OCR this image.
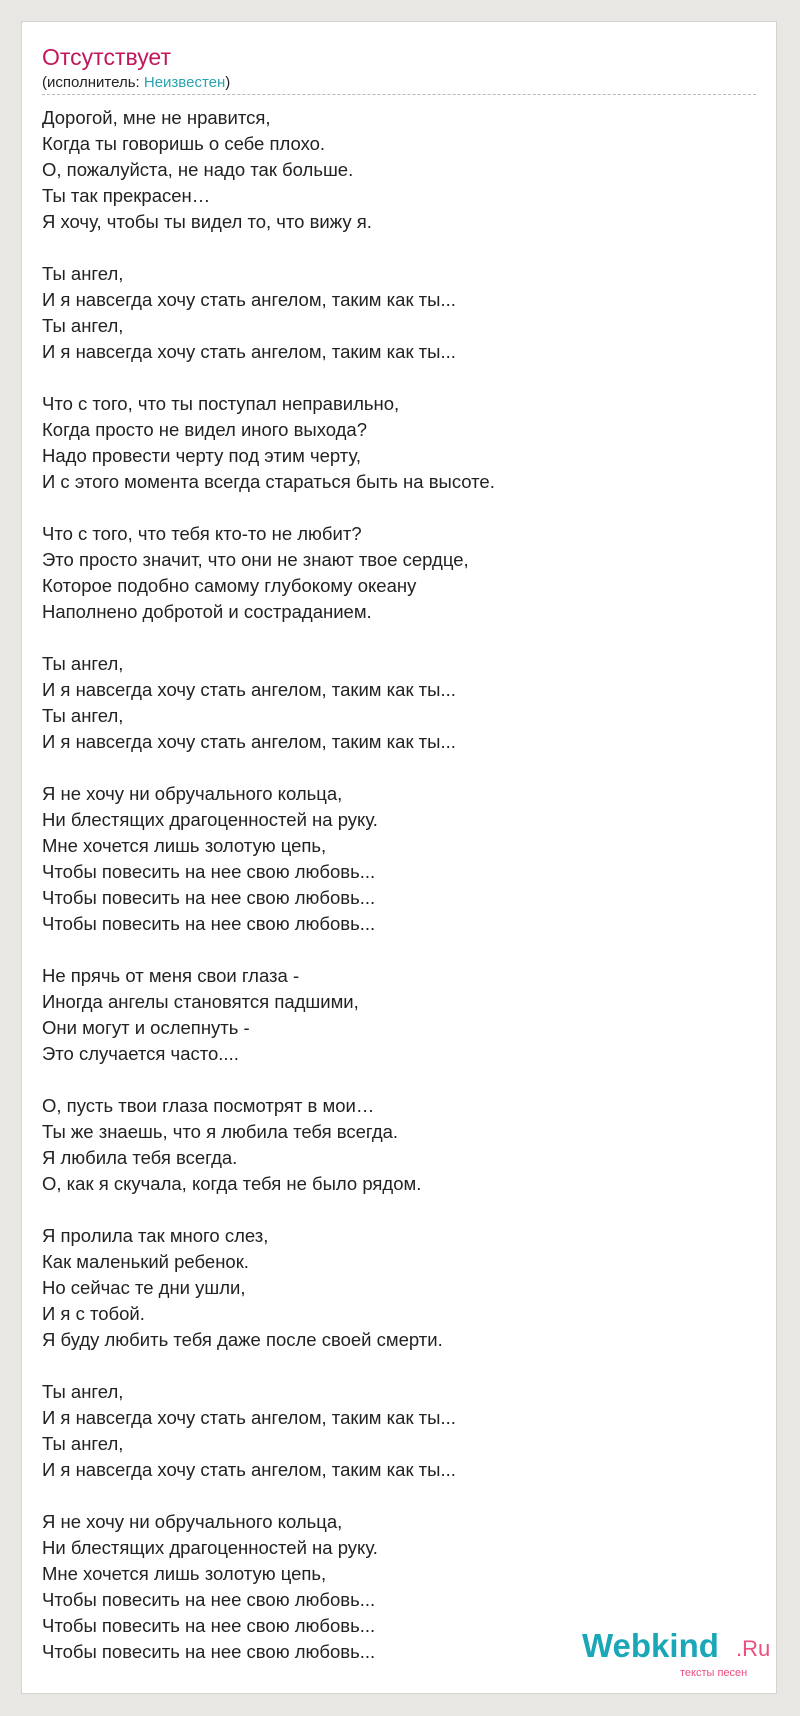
Отсутствует
(исполнитель: Неизвестен)
Дорогой, мне не нравится,
Когда ты говоришь о себе плохо.
О, пожалуйста, не надо так больше.
Ты так прекрасен…
Я хочу, чтобы ты видел то, что вижу я.
Ты ангел,
И я навсегда хочу стать ангелом, таким как ты...
Ты ангел,
И я навсегда хочу стать ангелом, таким как ты...
Что с того, что ты поступал неправильно,
Когда просто не видел иного выхода?
Надо провести черту под этим черту,
И с этого момента всегда стараться быть на высоте.
Что с того, что тебя кто-то не любит?
Это просто значит, что они не знают твое сердце,
Которое подобно самому глубокому океану
Наполнено добротой и состраданием.
Ты ангел,
И я навсегда хочу стать ангелом, таким как ты...
Ты ангел,
И я навсегда хочу стать ангелом, таким как ты...
Я не хочу ни обручального кольца,
Ни блестящих драгоценностей на руку.
Мне хочется лишь золотую цепь,
Чтобы повесить на нее свою любовь...
Чтобы повесить на нее свою любовь...
Чтобы повесить на нее свою любовь...
Не прячь от меня свои глаза -
Иногда ангелы становятся падшими,
Они могут и ослепнуть -
Это случается часто....
О, пусть твои глаза посмотрят в мои…
Ты же знаешь, что я любила тебя всегда.
Я любила тебя всегда.
О, как я скучала, когда тебя не было рядом.
Я пролила так много слез,
Как маленький ребенок.
Но сейчас те дни ушли,
И я с тобой.
Я буду любить тебя даже после своей смерти.
Ты ангел,
И я навсегда хочу стать ангелом, таким как ты...
Ты ангел,
И я навсегда хочу стать ангелом, таким как ты...
Я не хочу ни обручального кольца,
Ни блестящих драгоценностей на руку.
Мне хочется лишь золотую цепь,
Чтобы повесить на нее свою любовь...
Чтобы повесить на нее свою любовь...
Чтобы повесить на нее свою любовь...	Webkind .Ru
тексты песен
